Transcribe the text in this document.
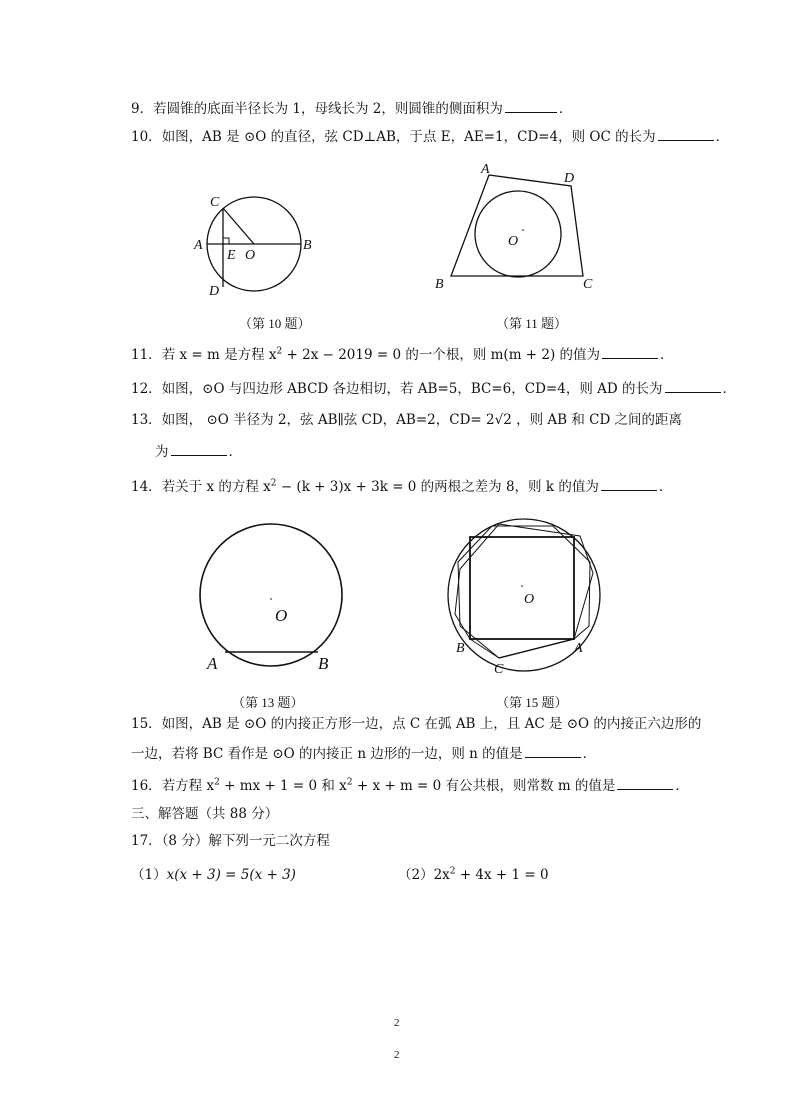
9．若圆锥的底面半径长为 1，母线长为 2，则圆锥的侧面积为	．
10．如图，AB 是 ⊙O 的直径，弦 CD⊥AB，于点 E，AE=1，CD=4，则 OC 的长为	．
C
A
E O
B
D
（第 10 题）
A
D
O
B	C
（第 11 题）
11．若 x = m 是方程 $x^2 + 2x - 2019 = 0$ 的一个根，则 m(m + 2) 的值为	．
12．如图，⊙O 与四边形 ABCD 各边相切，若 AB=5，BC=6，CD=4，则 AD 的长为	．
13．如图， ⊙O 半径为 2，弦 AB∥弦 CD，AB=2，CD= 2√2 ，则 AB 和 CD 之间的距离
为	．
14．若关于 x 的方程 $x^2 - (k + 3)x + 3k = 0$ 的两根之差为 8，则 k 的值为	．
O
A	B
（第 13 题）
O
B	A
C
（第 15 题）
15．如图，AB 是 ⊙O 的内接正方形一边，点 C 在弧 AB 上，且 AC 是 ⊙O 的内接正六边形的
一边，若将 BC 看作是 ⊙O 的内接正 n 边形的一边，则 n 的值是	．
16．若方程 $x^2$ + mx + 1 = 0 和 $x^2 + x + m = 0$ 有公共根，则常数 m 的值是	．
三、解答题（共 88 分）
17．（8 分）解下列一元二次方程
（1）x(x + 3) = 5(x + 3)	$(2)2x^2 + 4x + 1 = 0$
2
2
